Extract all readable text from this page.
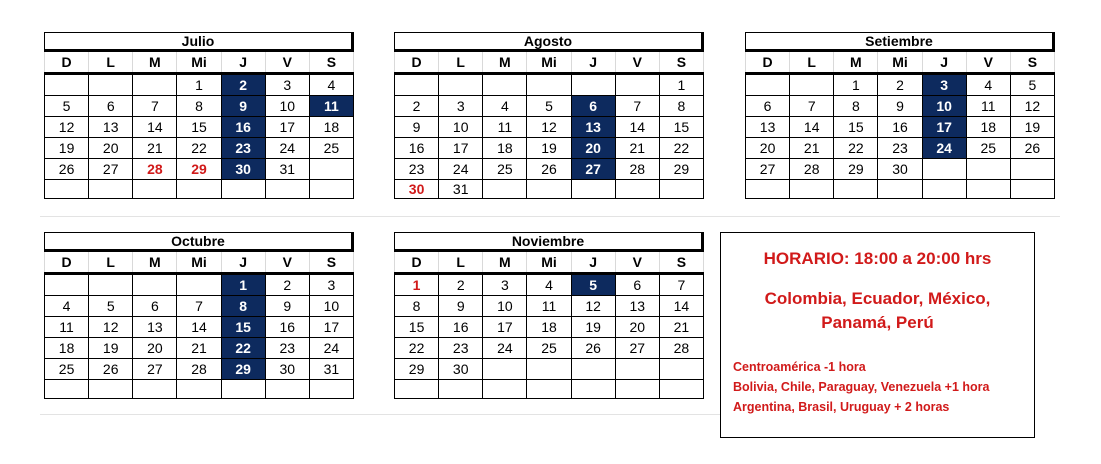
Julio
D	L	M	Mi	J	V	S
			1	2	3	4
5	6	7	8	9	10	11
12	13	14	15	16	17	18
19	20	21	22	23	24	25
26	27	28	29	30	31	

Agosto
D	L	M	Mi	J	V	S
						1
2	3	4	5	6	7	8
9	10	11	12	13	14	15
16	17	18	19	20	21	22
23	24	25	26	27	28	29
30	31					
Setiembre
D	L	M	Mi	J	V	S
		1	2	3	4	5
6	7	8	9	10	11	12
13	14	15	16	17	18	19
20	21	22	23	24	25	26
27	28	29	30			

Octubre
D	L	M	Mi	J	V	S
				1	2	3
4	5	6	7	8	9	10
11	12	13	14	15	16	17
18	19	20	21	22	23	24
25	26	27	28	29	30	31

Noviembre
D	L	M	Mi	J	V	S
1	2	3	4	5	6	7
8	9	10	11	12	13	14
15	16	17	18	19	20	21
22	23	24	25	26	27	28
29	30					

HORARIO: 18:00 a 20:00 hrs
Colombia, Ecuador, México, Panamá, Perú
Centroamérica -1 hora
Bolivia, Chile, Paraguay, Venezuela +1 hora
Argentina, Brasil, Uruguay + 2 horas
